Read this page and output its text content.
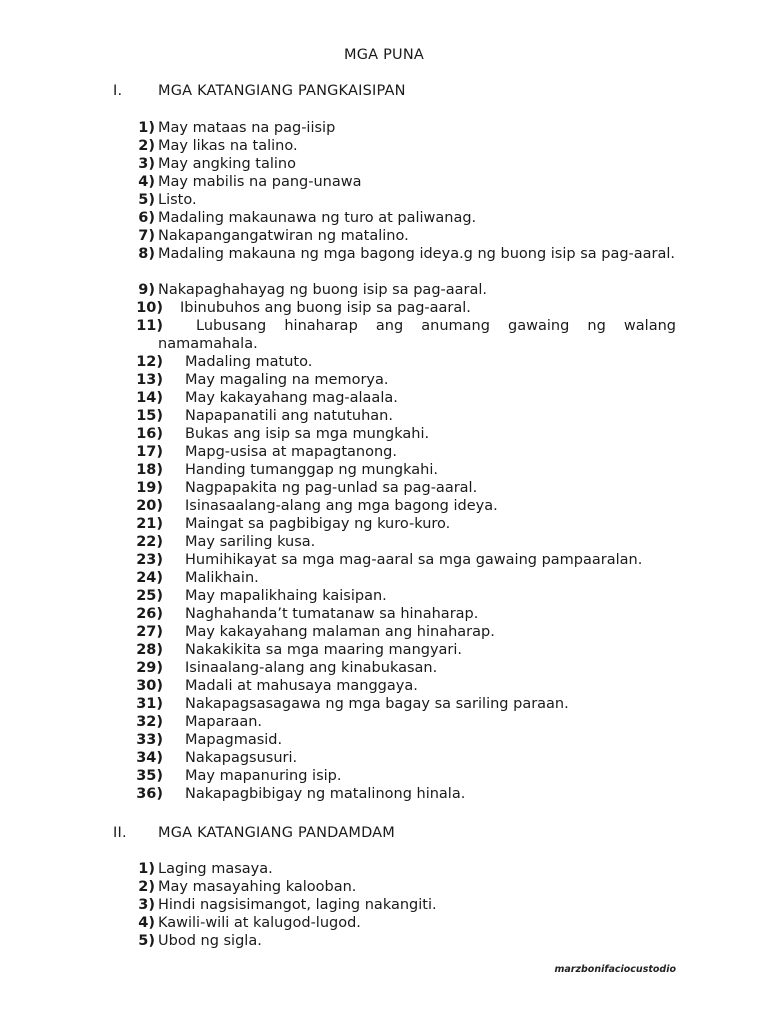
MGA PUNA
I. MGA KATANGIANG PANGKAISIPAN
1) May mataas na pag-iisip
2) May likas na talino.
3) May angking talino
4) May mabilis na pang-unawa
5) Listo.
6) Madaling makaunawa ng turo at paliwanag.
7) Nakapangangatwiran ng matalino.
8) Madaling makauna ng mga bagong ideya.g ng buong isip sa pag-aaral.
9) Nakapaghahayag ng buong isip sa pag-aaral.
10) Ibinubuhos ang buong isip sa pag-aaral.
11)	Lubusang hinaharap ang anumang gawaing ng walang namamahala.
12) Madaling matuto.
13) May magaling na memorya.
14) May kakayahang mag-alaala.
15) Napapanatili ang natutuhan.
16) Bukas ang isip sa mga mungkahi.
17) Mapg-usisa at mapagtanong.
18) Handing tumanggap ng mungkahi.
19) Nagpapakita ng pag-unlad sa pag-aaral.
20) Isinasaalang-alang ang mga bagong ideya.
21) Maingat sa pagbibigay ng kuro-kuro.
22) May sariling kusa.
23) Humihikayat sa mga mag-aaral sa mga gawaing pampaaralan.
24) Malikhain.
25) May mapalikhaing kaisipan.
26) Naghahanda’t tumatanaw sa hinaharap.
27) May kakayahang malaman ang hinaharap.
28) Nakakikita sa mga maaring mangyari.
29) Isinaalang-alang ang kinabukasan.
30) Madali at mahusaya manggaya.
31) Nakapagsasagawa ng mga bagay sa sariling paraan.
32) Maparaan.
33) Mapagmasid.
34) Nakapagsusuri.
35) May mapanuring isip.
36) Nakapagbibigay ng matalinong hinala.
II. MGA KATANGIANG PANDAMDAM
1) Laging masaya.
2) May masayahing kalooban.
3) Hindi nagsisimangot, laging nakangiti.
4) Kawili-wili at kalugod-lugod.
5) Ubod ng sigla.
marzbonifaciocustodio
